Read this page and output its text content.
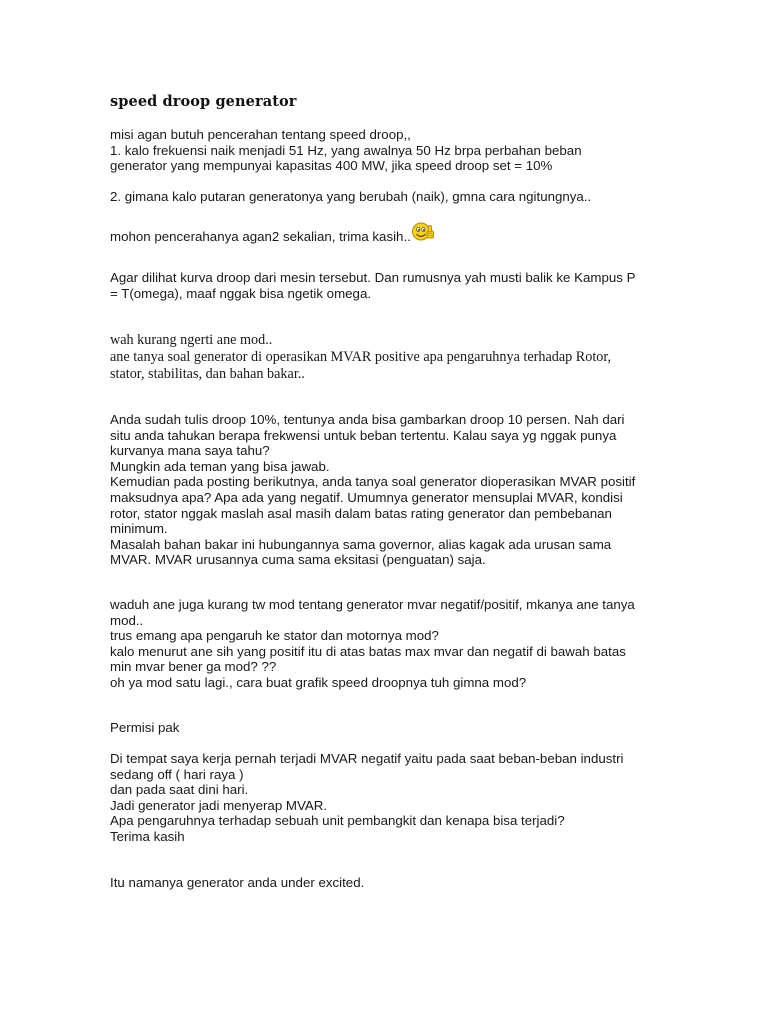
speed droop generator
misi agan butuh pencerahan tentang speed droop,,
1. kalo frekuensi naik menjadi 51 Hz, yang awalnya 50 Hz brpa perbahan beban
generator yang mempunyai kapasitas 400 MW, jika speed droop set = 10%
2. gimana kalo putaran generatonya yang berubah (naik), gmna cara ngitungnya..
mohon pencerahanya agan2 sekalian, trima kasih..
Agar dilihat kurva droop dari mesin tersebut. Dan rumusnya yah musti balik ke Kampus P
= T(omega), maaf nggak bisa ngetik omega.
wah kurang ngerti ane mod..
ane tanya soal generator di operasikan MVAR positive apa pengaruhnya terhadap Rotor,
stator, stabilitas, dan bahan bakar..
Anda sudah tulis droop 10%, tentunya anda bisa gambarkan droop 10 persen. Nah dari
situ anda tahukan berapa frekwensi untuk beban tertentu. Kalau saya yg nggak punya
kurvanya mana saya tahu?
Mungkin ada teman yang bisa jawab.
Kemudian pada posting berikutnya, anda tanya soal generator dioperasikan MVAR positif
maksudnya apa? Apa ada yang negatif. Umumnya generator mensuplai MVAR, kondisi
rotor, stator nggak maslah asal masih dalam batas rating generator dan pembebanan
minimum.
Masalah bahan bakar ini hubungannya sama governor, alias kagak ada urusan sama
MVAR. MVAR urusannya cuma sama eksitasi (penguatan) saja.
waduh ane juga kurang tw mod tentang generator mvar negatif/positif, mkanya ane tanya
mod..
trus emang apa pengaruh ke stator dan motornya mod?
kalo menurut ane sih yang positif itu di atas batas max mvar dan negatif di bawah batas
min mvar bener ga mod? ??
oh ya mod satu lagi., cara buat grafik speed droopnya tuh gimna mod?
Permisi pak
Di tempat saya kerja pernah terjadi MVAR negatif yaitu pada saat beban-beban industri
sedang off ( hari raya )
dan pada saat dini hari.
Jadi generator jadi menyerap MVAR.
Apa pengaruhnya terhadap sebuah unit pembangkit dan kenapa bisa terjadi?
Terima kasih
Itu namanya generator anda under excited.
